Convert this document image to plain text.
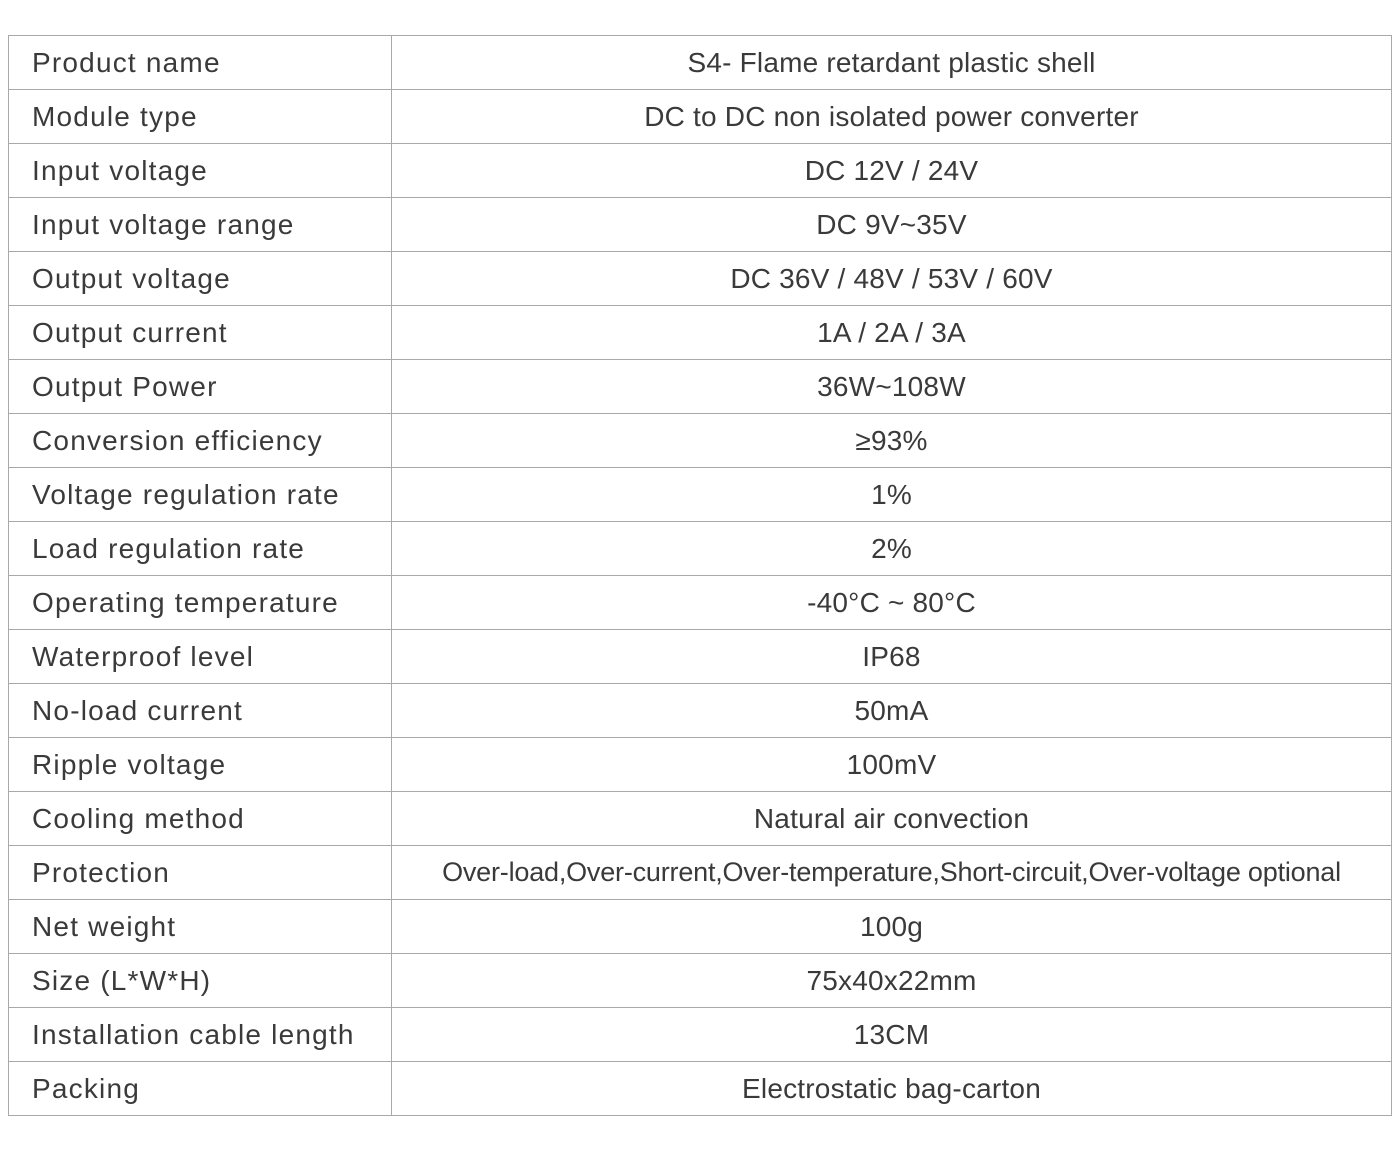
Product name	S4- Flame retardant plastic shell
Module type	DC to DC non isolated power converter
Input voltage	DC 12V / 24V
Input voltage range	DC 9V~35V
Output voltage	DC 36V / 48V / 53V / 60V
Output current	1A / 2A / 3A
Output Power	36W~108W
Conversion efficiency	≥93%
Voltage regulation rate	1%
Load regulation rate	2%
Operating temperature	-40°C ~ 80°C
Waterproof level	IP68
No-load current	50mA
Ripple voltage	100mV
Cooling method	Natural air convection
Protection	Over-load,Over-current,Over-temperature,Short-circuit,Over-voltage optional
Net weight	100g
Size (L*W*H)	75x40x22mm
Installation cable length	13CM
Packing	Electrostatic bag-carton
